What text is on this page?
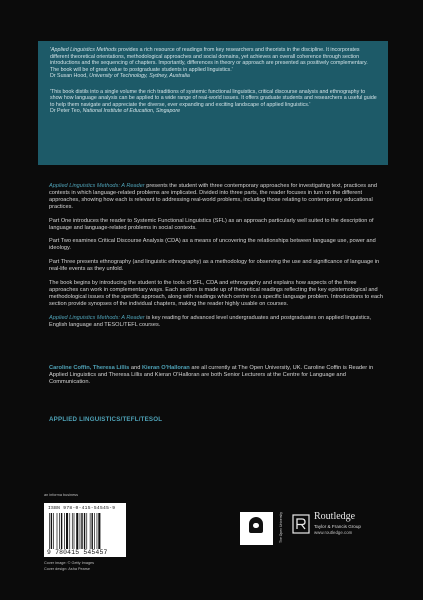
'Applied Linguistics Methods provides a rich resource of readings from key researchers and theorists in the discipline. It incorporates different theoretical orientations, methodological approaches and social domains, yet achieves an overall coherence through section introductions and the sequencing of chapters. Importantly, differences in theory or approach are presented as positively complementary. The book will be of great value to postgraduate students in applied linguistics.'
Dr Susan Hood, University of Technology, Sydney, Australia

'This book distils into a single volume the rich traditions of systemic functional linguistics, critical discourse analysis and ethnography to show how language analysis can be applied to a wide range of real-world issues. It offers graduate students and researchers a useful guide to help them navigate and appreciate the diverse, ever expanding and exciting landscape of applied linguistics.'
Dr Peter Teo, National Institute of Education, Singapore

Applied Linguistics Methods: A Reader presents the student with three contemporary approaches for investigating text, practices and contexts in which language-related problems are implicated. Divided into three parts, the reader focuses in turn on the different approaches, showing how each is relevant to addressing real-world problems, including those relating to contemporary educational practices.

Part One introduces the reader to Systemic Functional Linguistics (SFL) as an approach particularly well suited to the description of language and language-related problems in social contexts.

Part Two examines Critical Discourse Analysis (CDA) as a means of uncovering the relationships between language use, power and ideology.

Part Three presents ethnography (and linguistic ethnography) as a methodology for observing the use and significance of language in real-life events as they unfold.

The book begins by introducing the student to the tools of SFL, CDA and ethnography and explains how aspects of the three approaches can work in complementary ways. Each section is made up of theoretical readings reflecting the key epistemological and methodological issues of the specific approach, along with readings which centre on a specific language problem. Introductions to each section provide synopses of the individual chapters, making the reader highly usable on courses.

Applied Linguistics Methods: A Reader is key reading for advanced level undergraduates and postgraduates on applied linguistics, English language and TESOL/TEFL courses.

Caroline Coffin, Theresa Lillis and Kieran O'Halloran are all currently at The Open University, UK. Caroline Coffin is Reader in Applied Linguistics and Theresa Lillis and Kieran O'Halloran are both Senior Lecturers at the Centre for Language and Communication.
APPLIED LINGUISTICS/TEFL/TESOL
an informa business
ISBN 978-0-415-54545-9
9 780415 545457
Cover image: © Getty Images
Cover design: Asha Pearse
The Open University	Routledge
Taylor & Francis Group
www.routledge.com
